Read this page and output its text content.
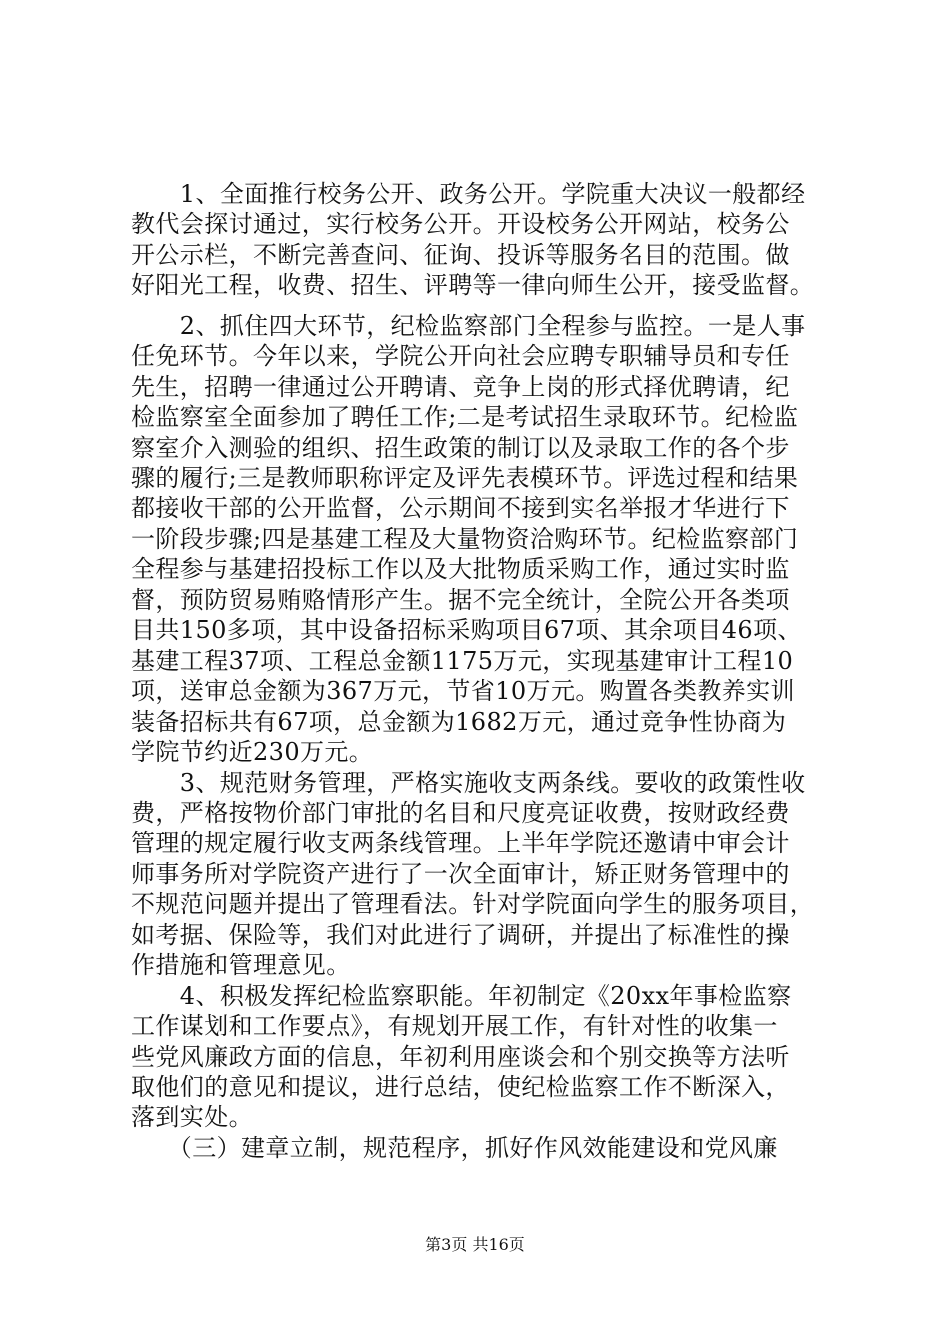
　　1、全面推行校务公开、政务公开。学院重大决议一般都经
教代会探讨通过，实行校务公开。开设校务公开网站，校务公
开公示栏，不断完善查问、征询、投诉等服务名目的范围。做
好阳光工程，收费、招生、评聘等一律向师生公开，接受监督。
　　2、抓住四大环节，纪检监察部门全程参与监控。一是人事
任免环节。今年以来，学院公开向社会应聘专职辅导员和专任
先生，招聘一律通过公开聘请、竞争上岗的形式择优聘请，纪
检监察室全面参加了聘任工作;二是考试招生录取环节。纪检监
察室介入测验的组织、招生政策的制订以及录取工作的各个步
骤的履行;三是教师职称评定及评先表模环节。评选过程和结果
都接收干部的公开监督，公示期间不接到实名举报才华进行下
一阶段步骤;四是基建工程及大量物资洽购环节。纪检监察部门
全程参与基建招投标工作以及大批物质采购工作，通过实时监
督，预防贸易贿赂情形产生。据不完全统计，全院公开各类项
目共150多项，其中设备招标采购项目67项、其余项目46项、
基建工程37项、工程总金额1175万元，实现基建审计工程10
项，送审总金额为367万元，节省10万元。购置各类教养实训
装备招标共有67项，总金额为1682万元，通过竞争性协商为
学院节约近230万元。
　　3、规范财务管理，严格实施收支两条线。要收的政策性收
费，严格按物价部门审批的名目和尺度亮证收费，按财政经费
管理的规定履行收支两条线管理。上半年学院还邀请中审会计
师事务所对学院资产进行了一次全面审计，矫正财务管理中的
不规范问题并提出了管理看法。针对学院面向学生的服务项目，
如考据、保险等，我们对此进行了调研，并提出了标准性的操
作措施和管理意见。
　　4、积极发挥纪检监察职能。年初制定《20xx年事检监察
工作谋划和工作要点》，有规划开展工作，有针对性的收集一
些党风廉政方面的信息，年初利用座谈会和个别交换等方法听
取他们的意见和提议，进行总结，使纪检监察工作不断深入，
落到实处。
　　（三）建章立制，规范程序，抓好作风效能建设和党风廉
第3页 共16页
